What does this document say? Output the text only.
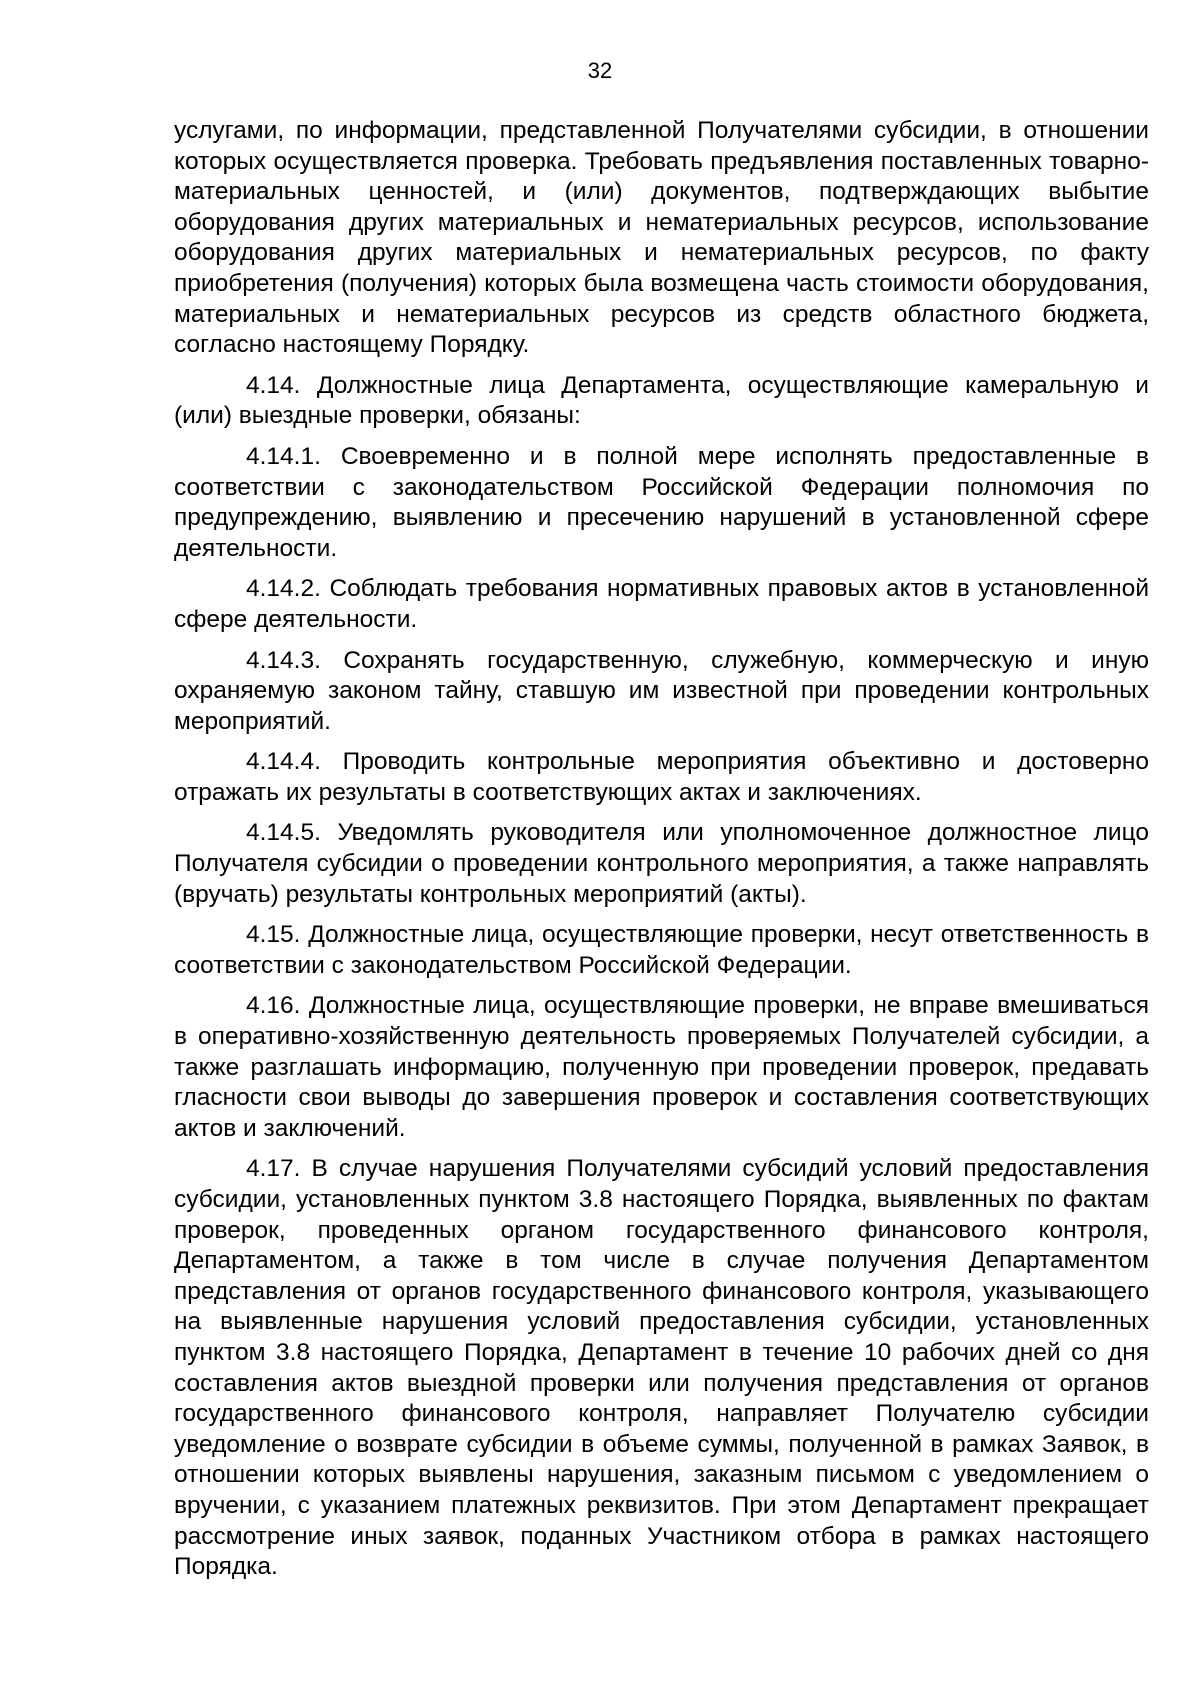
32

услугами, по информации, представленной Получателями субсидии, в отношении которых осуществляется проверка. Требовать предъявления поставленных товарно-материальных ценностей, и (или) документов, подтверждающих выбытие оборудования других материальных и нематериальных ресурсов, использование оборудования других материальных и нематериальных ресурсов, по факту приобретения (получения) которых была возмещена часть стоимости оборудования, материальных и нематериальных ресурсов из средств областного бюджета, согласно настоящему Порядку.

4.14. Должностные лица Департамента, осуществляющие камеральную и (или) выездные проверки, обязаны:

4.14.1. Своевременно и в полной мере исполнять предоставленные в соответствии с законодательством Российской Федерации полномочия по предупреждению, выявлению и пресечению нарушений в установленной сфере деятельности.

4.14.2. Соблюдать требования нормативных правовых актов в установленной сфере деятельности.

4.14.3. Сохранять государственную, служебную, коммерческую и иную охраняемую законом тайну, ставшую им известной при проведении контрольных мероприятий.

4.14.4. Проводить контрольные мероприятия объективно и достоверно отражать их результаты в соответствующих актах и заключениях.

4.14.5. Уведомлять руководителя или уполномоченное должностное лицо Получателя субсидии о проведении контрольного мероприятия, а также направлять (вручать) результаты контрольных мероприятий (акты).

4.15. Должностные лица, осуществляющие проверки, несут ответственность в соответствии с законодательством Российской Федерации.

4.16. Должностные лица, осуществляющие проверки, не вправе вмешиваться в оперативно-хозяйственную деятельность проверяемых Получателей субсидии, а также разглашать информацию, полученную при проведении проверок, предавать гласности свои выводы до завершения проверок и составления соответствующих актов и заключений.

4.17. В случае нарушения Получателями субсидий условий предоставления субсидии, установленных пунктом 3.8 настоящего Порядка, выявленных по фактам проверок, проведенных органом государственного финансового контроля, Департаментом, а также в том числе в случае получения Департаментом представления от органов государственного финансового контроля, указывающего на выявленные нарушения условий предоставления субсидии, установленных пунктом 3.8 настоящего Порядка, Департамент в течение 10 рабочих дней со дня составления актов выездной проверки или получения представления от органов государственного финансового контроля, направляет Получателю субсидии уведомление о возврате субсидии в объеме суммы, полученной в рамках Заявок, в отношении которых выявлены нарушения, заказным письмом с уведомлением о вручении, с указанием платежных реквизитов. При этом Департамент прекращает рассмотрение иных заявок, поданных Участником отбора в рамках настоящего Порядка.
